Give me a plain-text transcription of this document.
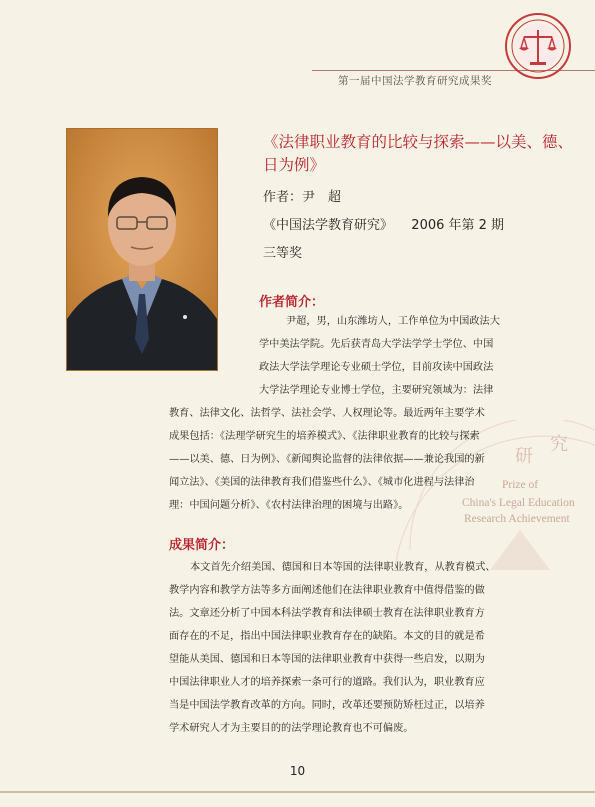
第一届中国法学教育研究成果奖
《法律职业教育的比较与探索——以美、德、日为例》
作者：尹　超
《中国法学教育研究》 2006 年第 2 期
三等奖
研
究
Prize of
China's Legal Education
Research Achievement
作者简介：
尹超，男，山东潍坊人，工作单位为中国政法大
学中美法学院。先后获青岛大学法学学士学位、中国
政法大学法学理论专业硕士学位，目前攻读中国政法
大学法学理论专业博士学位，主要研究领域为：法律
教育、法律文化、法哲学、法社会学、人权理论等。最近两年主要学术
成果包括：《法理学研究生的培养模式》、《法律职业教育的比较与探索
——以美、德、日为例》、《新闻舆论监督的法律依据——兼论我国的新
闻立法》、《美国的法律教育我们借鉴些什么》、《城市化进程与法律治
理：中国问题分析》、《农村法律治理的困境与出路》。
成果简介：
本文首先介绍美国、德国和日本等国的法律职业教育，从教育模式、
教学内容和教学方法等多方面阐述他们在法律职业教育中值得借鉴的做
法。文章还分析了中国本科法学教育和法律硕士教育在法律职业教育方
面存在的不足，指出中国法律职业教育存在的缺陷。本文的目的就是希
望能从美国、德国和日本等国的法律职业教育中获得一些启发，以期为
中国法律职业人才的培养探索一条可行的道路。我们认为，职业教育应
当是中国法学教育改革的方向。同时，改革还要预防矫枉过正，以培养
学术研究人才为主要目的的法学理论教育也不可偏废。
10
